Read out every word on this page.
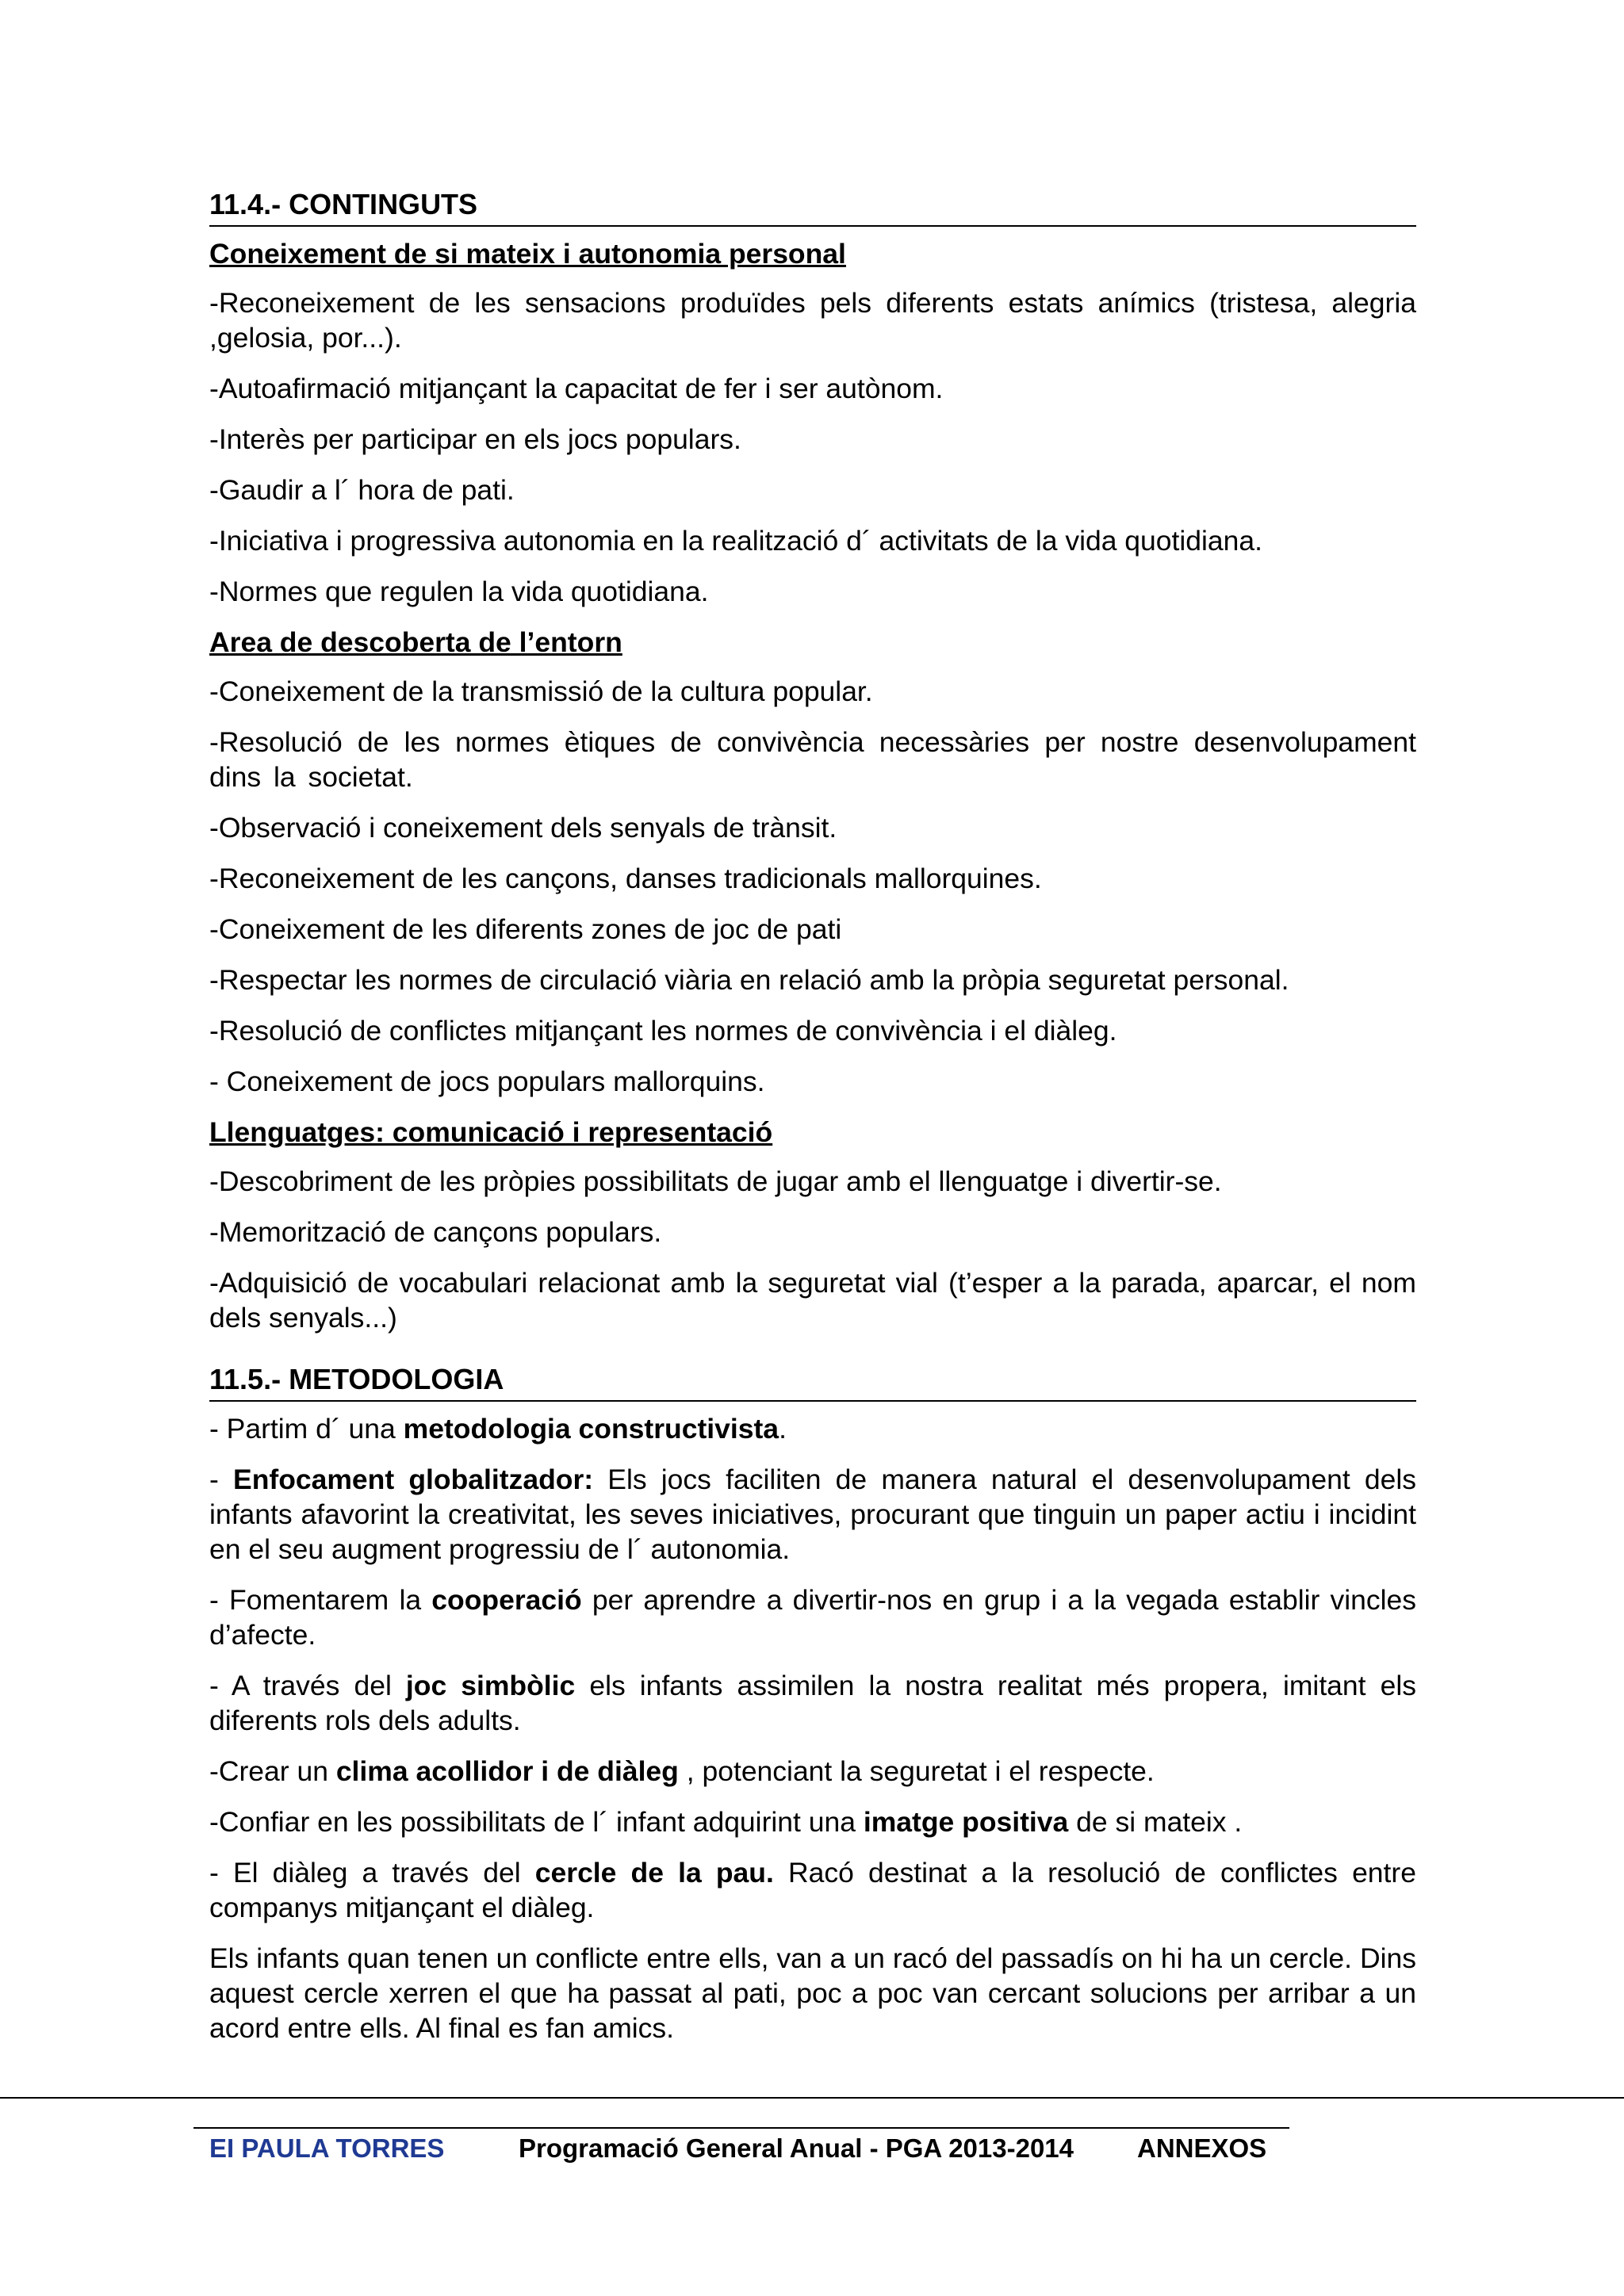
11.4.- CONTINGUTS
Coneixement de si mateix i autonomia personal

-Reconeixement de les sensacions produïdes pels diferents estats anímics (tristesa, alegria ,gelosia, por...).

-Autoafirmació mitjançant la capacitat de fer i ser autònom.

-Interès per participar en els jocs populars.

-Gaudir a l´ hora de pati.

-Iniciativa i progressiva autonomia en la realització d´ activitats de la vida quotidiana.

-Normes que regulen la vida quotidiana.

Area de descoberta de l’entorn

-Coneixement de la transmissió de la cultura popular.

-Resolució de les normes ètiques de convivència necessàries per nostre desenvolupament dins la societat.

-Observació i coneixement dels senyals de trànsit.

-Reconeixement de les cançons, danses tradicionals mallorquines.

-Coneixement de les diferents zones de joc de pati

-Respectar les normes de circulació viària en relació amb la pròpia seguretat personal.

-Resolució de conflictes mitjançant les normes de convivència i el diàleg.

- Coneixement de jocs populars mallorquins.

Llenguatges: comunicació i representació

-Descobriment de les pròpies possibilitats de jugar amb el llenguatge i divertir-se.

-Memorització de cançons populars.

-Adquisició de vocabulari relacionat amb la seguretat vial (t’esper a la parada, aparcar, el nom dels senyals...)

11.5.- METODOLOGIA

- Partim d´ una metodologia constructivista.

- Enfocament globalitzador: Els jocs faciliten de manera natural el desenvolupament dels infants afavorint la creativitat, les seves iniciatives, procurant que tinguin un paper actiu i incidint en el seu augment progressiu de l´ autonomia.

- Fomentarem la cooperació per aprendre a divertir-nos en grup i a la vegada establir vincles d’afecte.

- A través del joc simbòlic els infants assimilen la nostra realitat més propera, imitant els diferents rols dels adults.

-Crear un clima acollidor i de diàleg , potenciant la seguretat i el respecte.

-Confiar en les possibilitats de l´ infant adquirint una imatge positiva de si mateix .

- El diàleg a través del cercle de la pau. Racó destinat a la resolució de conflictes entre companys mitjançant el diàleg.

Els infants quan tenen un conflicte entre ells, van a un racó del passadís on hi ha un cercle. Dins aquest cercle xerren el que ha passat al pati, poc a poc van cercant solucions per arribar a un acord entre ells. Al final es fan amics.

EI PAULA TORRES	Programació General Anual - PGA 2013-2014 ANNEXOS
